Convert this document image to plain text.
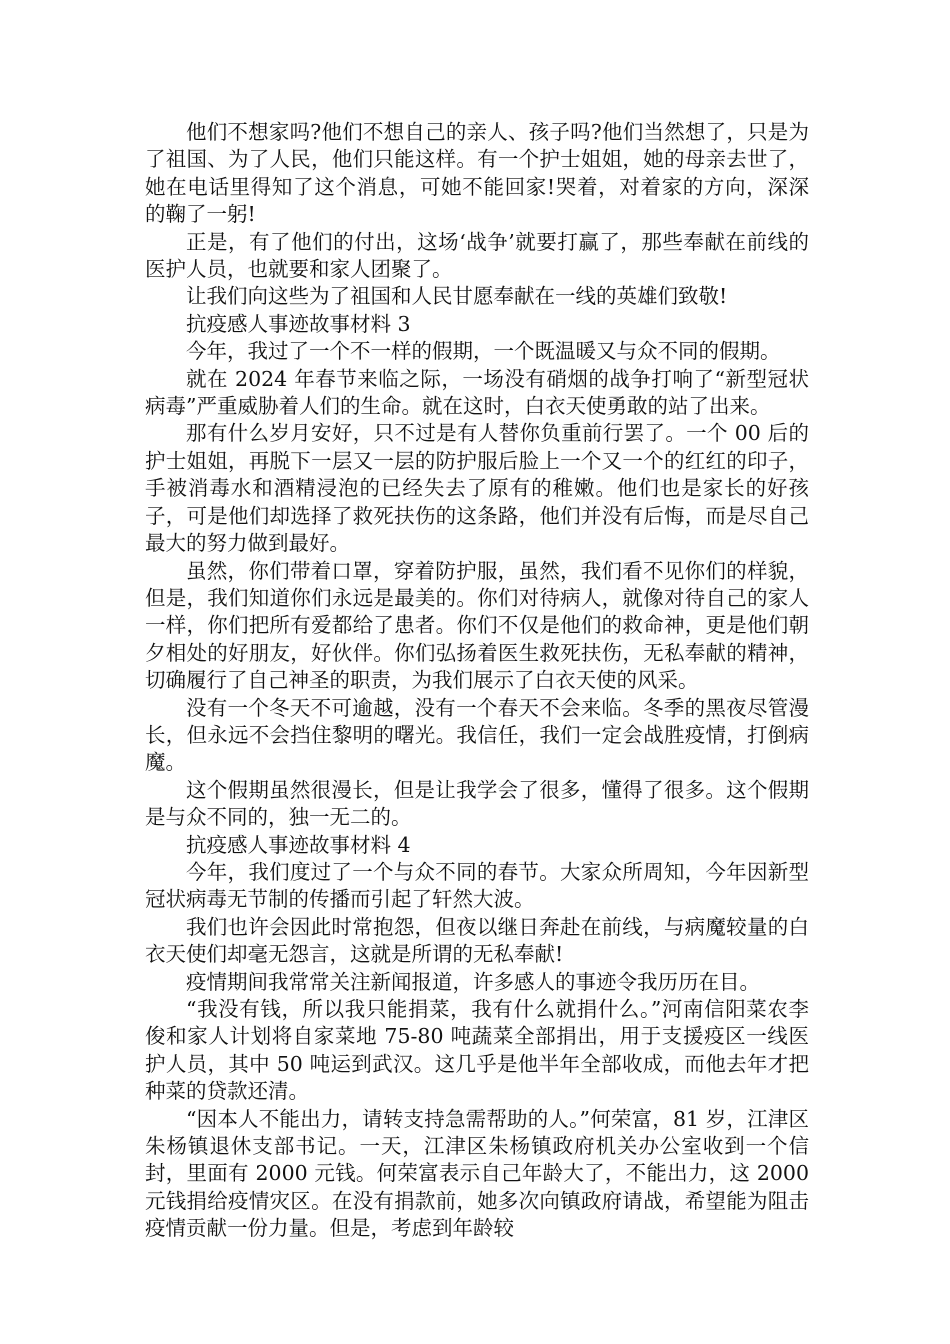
他们不想家吗?他们不想自己的亲人、孩子吗?他们当然想了，只是为了祖国、为了人民，他们只能这样。有一个护士姐姐，她的母亲去世了，她在电话里得知了这个消息，可她不能回家!哭着，对着家的方向，深深的鞠了一躬!

正是，有了他们的付出，这场‘战争’就要打赢了，那些奉献在前线的医护人员，也就要和家人团聚了。

让我们向这些为了祖国和人民甘愿奉献在一线的英雄们致敬!

抗疫感人事迹故事材料 3

今年，我过了一个不一样的假期，一个既温暖又与众不同的假期。

就在 2024 年春节来临之际，一场没有硝烟的战争打响了“新型冠状病毒”严重威胁着人们的生命。就在这时，白衣天使勇敢的站了出来。

那有什么岁月安好，只不过是有人替你负重前行罢了。一个 00 后的护士姐姐，再脱下一层又一层的防护服后脸上一个又一个的红红的印子，手被消毒水和酒精浸泡的已经失去了原有的稚嫩。他们也是家长的好孩子，可是他们却选择了救死扶伤的这条路，他们并没有后悔，而是尽自己最大的努力做到最好。

虽然，你们带着口罩，穿着防护服，虽然，我们看不见你们的样貌，但是，我们知道你们永远是最美的。你们对待病人，就像对待自己的家人一样，你们把所有爱都给了患者。你们不仅是他们的救命神，更是他们朝夕相处的好朋友，好伙伴。你们弘扬着医生救死扶伤，无私奉献的精神，切确履行了自己神圣的职责，为我们展示了白衣天使的风采。

没有一个冬天不可逾越，没有一个春天不会来临。冬季的黑夜尽管漫长，但永远不会挡住黎明的曙光。我信任，我们一定会战胜疫情，打倒病魔。

这个假期虽然很漫长，但是让我学会了很多，懂得了很多。这个假期是与众不同的，独一无二的。

抗疫感人事迹故事材料 4

今年，我们度过了一个与众不同的春节。大家众所周知，今年因新型冠状病毒无节制的传播而引起了轩然大波。

我们也许会因此时常抱怨，但夜以继日奔赴在前线，与病魔较量的白衣天使们却毫无怨言，这就是所谓的无私奉献!

疫情期间我常常关注新闻报道，许多感人的事迹令我历历在目。

“我没有钱，所以我只能捐菜，我有什么就捐什么。”河南信阳菜农李俊和家人计划将自家菜地 75-80 吨蔬菜全部捐出，用于支援疫区一线医护人员，其中 50 吨运到武汉。这几乎是他半年全部收成，而他去年才把种菜的贷款还清。

“因本人不能出力，请转支持急需帮助的人。”何荣富，81 岁，江津区朱杨镇退休支部书记。一天，江津区朱杨镇政府机关办公室收到一个信封，里面有 2000 元钱。何荣富表示自己年龄大了，不能出力，这 2000 元钱捐给疫情灾区。在没有捐款前，她多次向镇政府请战，希望能为阻击疫情贡献一份力量。但是，考虑到年龄较
